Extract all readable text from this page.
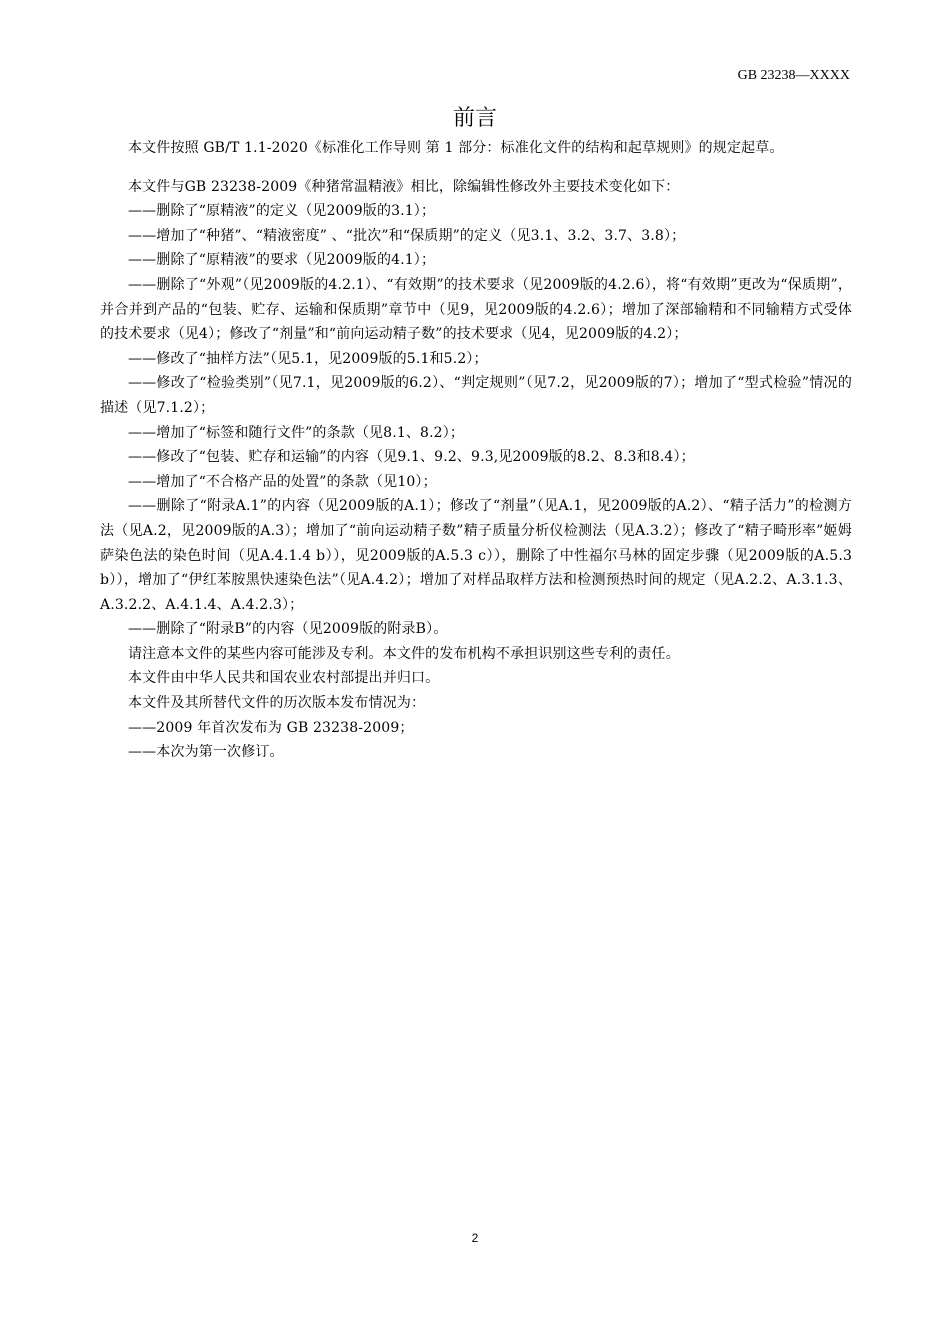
GB 23238—XXXX
前言

本文件按照 GB/T 1.1-2020《标准化工作导则 第 1 部分：标准化文件的结构和起草规则》的规定起草。

本文件与GB 23238-2009《种猪常温精液》相比，除编辑性修改外主要技术变化如下：

——删除了“原精液”的定义（见2009版的3.1）；

——增加了“种猪”、“精液密度” 、“批次”和“保质期”的定义（见3.1、3.2、3.7、3.8）；

——删除了“原精液”的要求（见2009版的4.1）；

——删除了“外观”（见2009版的4.2.1）、“有效期”的技术要求（见2009版的4.2.6），将“有效期”更改为“保质期”，并合并到产品的“包装、贮存、运输和保质期”章节中（见9，见2009版的4.2.6）；增加了深部输精和不同输精方式受体的技术要求（见4）；修改了“剂量”和“前向运动精子数”的技术要求（见4，见2009版的4.2）；

——修改了“抽样方法”（见5.1，见2009版的5.1和5.2）；

——修改了“检验类别”（见7.1，见2009版的6.2）、“判定规则”（见7.2，见2009版的7）；增加了“型式检验”情况的描述（见7.1.2）；

——增加了“标签和随行文件”的条款（见8.1、8.2）；

——修改了“包装、贮存和运输”的内容（见9.1、9.2、9.3,见2009版的8.2、8.3和8.4）；

——增加了“不合格产品的处置”的条款（见10）；

——删除了“附录A.1”的内容（见2009版的A.1）；修改了“剂量”（见A.1，见2009版的A.2）、“精子活力”的检测方法（见A.2，见2009版的A.3）；增加了“前向运动精子数”精子质量分析仪检测法（见A.3.2）；修改了“精子畸形率”姬姆萨染色法的染色时间（见A.4.1.4 b）），见2009版的A.5.3 c）），删除了中性福尔马林的固定步骤（见2009版的A.5.3 b）），增加了“伊红苯胺黑快速染色法”（见A.4.2）；增加了对样品取样方法和检测预热时间的规定（见A.2.2、A.3.1.3、A.3.2.2、A.4.1.4、A.4.2.3）；

——删除了“附录B”的内容（见2009版的附录B）。

请注意本文件的某些内容可能涉及专利。本文件的发布机构不承担识别这些专利的责任。

本文件由中华人民共和国农业农村部提出并归口。

本文件及其所替代文件的历次版本发布情况为：

——2009 年首次发布为 GB 23238-2009；

——本次为第一次修订。

2
